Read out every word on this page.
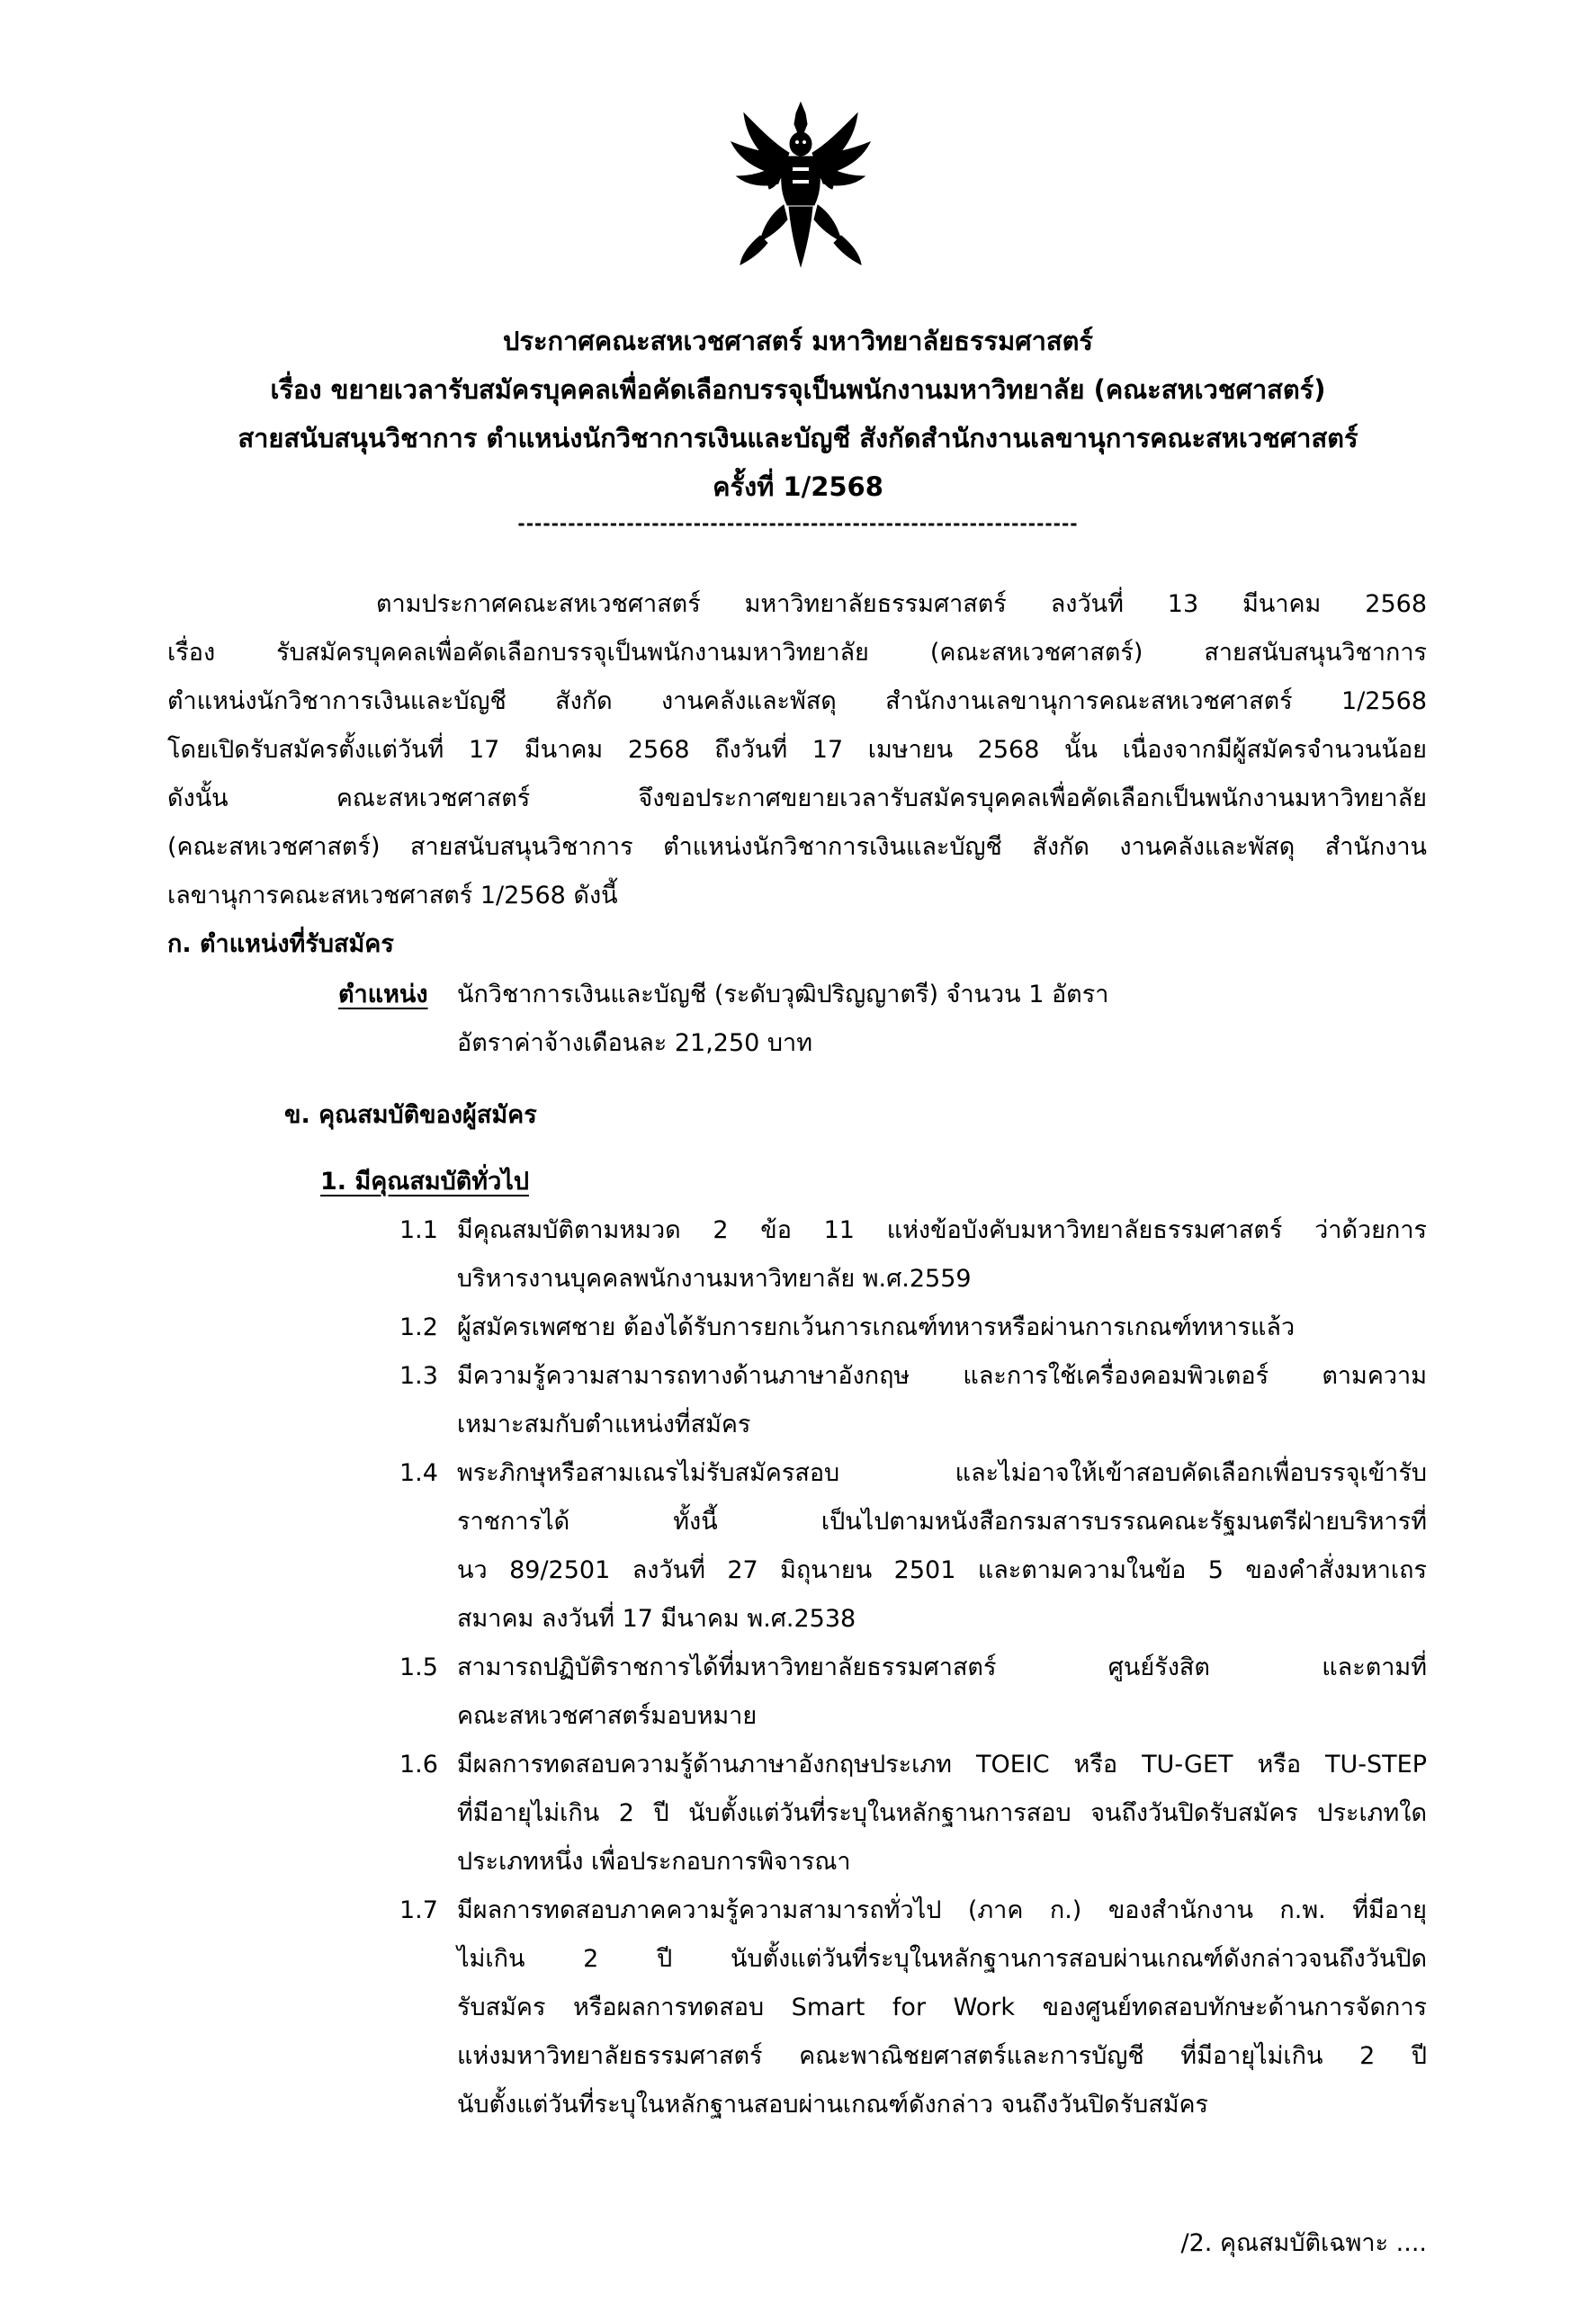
ประกาศคณะสหเวชศาสตร์ มหาวิทยาลัยธรรมศาสตร์
เรื่อง ขยายเวลารับสมัครบุคคลเพื่อคัดเลือกบรรจุเป็นพนักงานมหาวิทยาลัย (คณะสหเวชศาสตร์)
สายสนับสนุนวิชาการ ตำแหน่งนักวิชาการเงินและบัญชี สังกัดสำนักงานเลขานุการคณะสหเวชศาสตร์
ครั้งที่ 1/2568
-------------------------------------------------------------------
ตามประกาศคณะสหเวชศาสตร์ มหาวิทยาลัยธรรมศาสตร์ ลงวันที่ 13 มีนาคม 2568
เรื่อง รับสมัครบุคคลเพื่อคัดเลือกบรรจุเป็นพนักงานมหาวิทยาลัย (คณะสหเวชศาสตร์) สายสนับสนุนวิชาการ
ตำแหน่งนักวิชาการเงินและบัญชี สังกัด งานคลังและพัสดุ สำนักงานเลขานุการคณะสหเวชศาสตร์ 1/2568
โดยเปิดรับสมัครตั้งแต่วันที่ 17 มีนาคม 2568 ถึงวันที่ 17 เมษายน 2568 นั้น เนื่องจากมีผู้สมัครจำนวนน้อย
ดังนั้น คณะสหเวชศาสตร์ จึงขอประกาศขยายเวลารับสมัครบุคคลเพื่อคัดเลือกเป็นพนักงานมหาวิทยาลัย
(คณะสหเวชศาสตร์) สายสนับสนุนวิชาการ ตำแหน่งนักวิชาการเงินและบัญชี สังกัด งานคลังและพัสดุ สำนักงาน
เลขานุการคณะสหเวชศาสตร์ 1/2568 ดังนี้
ก. ตำแหน่งที่รับสมัคร
ตำแหน่ง นักวิชาการเงินและบัญชี (ระดับวุฒิปริญญาตรี) จำนวน 1 อัตรา
อัตราค่าจ้างเดือนละ 21,250 บาท
ข. คุณสมบัติของผู้สมัคร
1. มีคุณสมบัติทั่วไป
1.1 มีคุณสมบัติตามหมวด 2 ข้อ 11 แห่งข้อบังคับมหาวิทยาลัยธรรมศาสตร์ ว่าด้วยการ
บริหารงานบุคคลพนักงานมหาวิทยาลัย พ.ศ.2559
1.2 ผู้สมัครเพศชาย ต้องได้รับการยกเว้นการเกณฑ์ทหารหรือผ่านการเกณฑ์ทหารแล้ว
1.3 มีความรู้ความสามารถทางด้านภาษาอังกฤษ และการใช้เครื่องคอมพิวเตอร์ ตามความ
เหมาะสมกับตำแหน่งที่สมัคร
1.4 พระภิกษุหรือสามเณรไม่รับสมัครสอบ และไม่อาจให้เข้าสอบคัดเลือกเพื่อบรรจุเข้ารับ
ราชการได้ ทั้งนี้ เป็นไปตามหนังสือกรมสารบรรณคณะรัฐมนตรีฝ่ายบริหารที่
นว 89/2501 ลงวันที่ 27 มิถุนายน 2501 และตามความในข้อ 5 ของคำสั่งมหาเถร
สมาคม ลงวันที่ 17 มีนาคม พ.ศ.2538
1.5 สามารถปฏิบัติราชการได้ที่มหาวิทยาลัยธรรมศาสตร์ ศูนย์รังสิต และตามที่
คณะสหเวชศาสตร์มอบหมาย
1.6 มีผลการทดสอบความรู้ด้านภาษาอังกฤษประเภท TOEIC หรือ TU-GET หรือ TU-STEP
ที่มีอายุไม่เกิน 2 ปี นับตั้งแต่วันที่ระบุในหลักฐานการสอบ จนถึงวันปิดรับสมัคร ประเภทใด
ประเภทหนึ่ง เพื่อประกอบการพิจารณา
1.7 มีผลการทดสอบภาคความรู้ความสามารถทั่วไป (ภาค ก.) ของสำนักงาน ก.พ. ที่มีอายุ
ไม่เกิน 2 ปี นับตั้งแต่วันที่ระบุในหลักฐานการสอบผ่านเกณฑ์ดังกล่าวจนถึงวันปิด
รับสมัคร หรือผลการทดสอบ Smart for Work ของศูนย์ทดสอบทักษะด้านการจัดการ
แห่งมหาวิทยาลัยธรรมศาสตร์ คณะพาณิชยศาสตร์และการบัญชี ที่มีอายุไม่เกิน 2 ปี
นับตั้งแต่วันที่ระบุในหลักฐานสอบผ่านเกณฑ์ดังกล่าว จนถึงวันปิดรับสมัคร
/2. คุณสมบัติเฉพาะ ....
